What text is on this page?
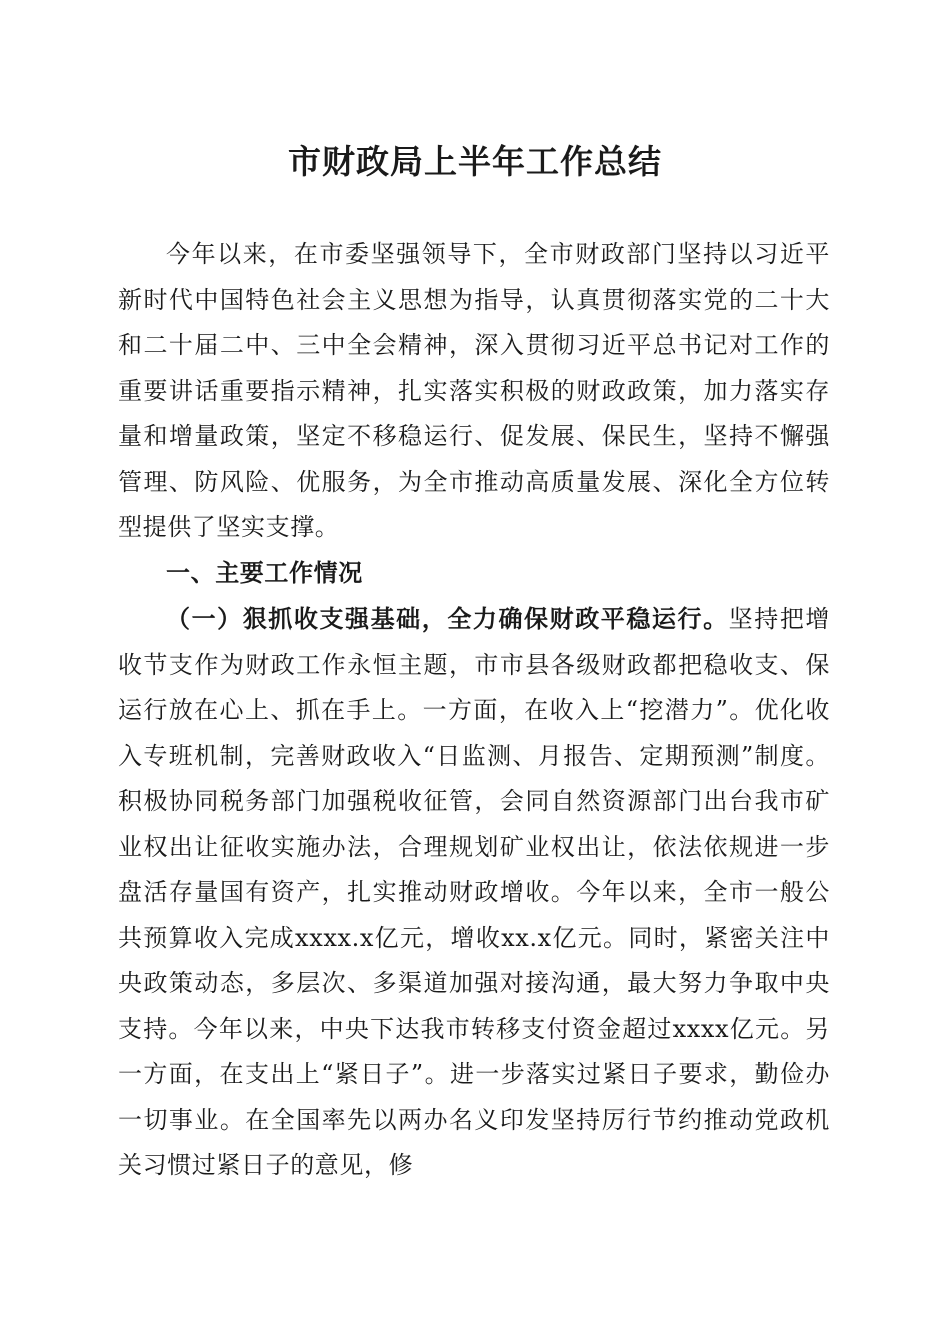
市财政局上半年工作总结

今年以来，在市委坚强领导下，全市财政部门坚持以习近平新时代中国特色社会主义思想为指导，认真贯彻落实党的二十大和二十届二中、三中全会精神，深入贯彻习近平总书记对工作的重要讲话重要指示精神，扎实落实积极的财政政策，加力落实存量和增量政策，坚定不移稳运行、促发展、保民生，坚持不懈强管理、防风险、优服务，为全市推动高质量发展、深化全方位转型提供了坚实支撑。

一、主要工作情况

（一）狠抓收支强基础，全力确保财政平稳运行。坚持把增收节支作为财政工作永恒主题，市市县各级财政都把稳收支、保运行放在心上、抓在手上。一方面，在收入上“挖潜力”。优化收入专班机制，完善财政收入“日监测、月报告、定期预测”制度。积极协同税务部门加强税收征管，会同自然资源部门出台我市矿业权出让征收实施办法，合理规划矿业权出让，依法依规进一步盘活存量国有资产，扎实推动财政增收。今年以来，全市一般公共预算收入完成xxxx.x亿元，增收xx.x亿元。同时，紧密关注中央政策动态，多层次、多渠道加强对接沟通，最大努力争取中央支持。今年以来，中央下达我市转移支付资金超过xxxx亿元。另一方面，在支出上“紧日子”。进一步落实过紧日子要求，勤俭办一切事业。在全国率先以两办名义印发坚持厉行节约推动党政机关习惯过紧日子的意见，修
